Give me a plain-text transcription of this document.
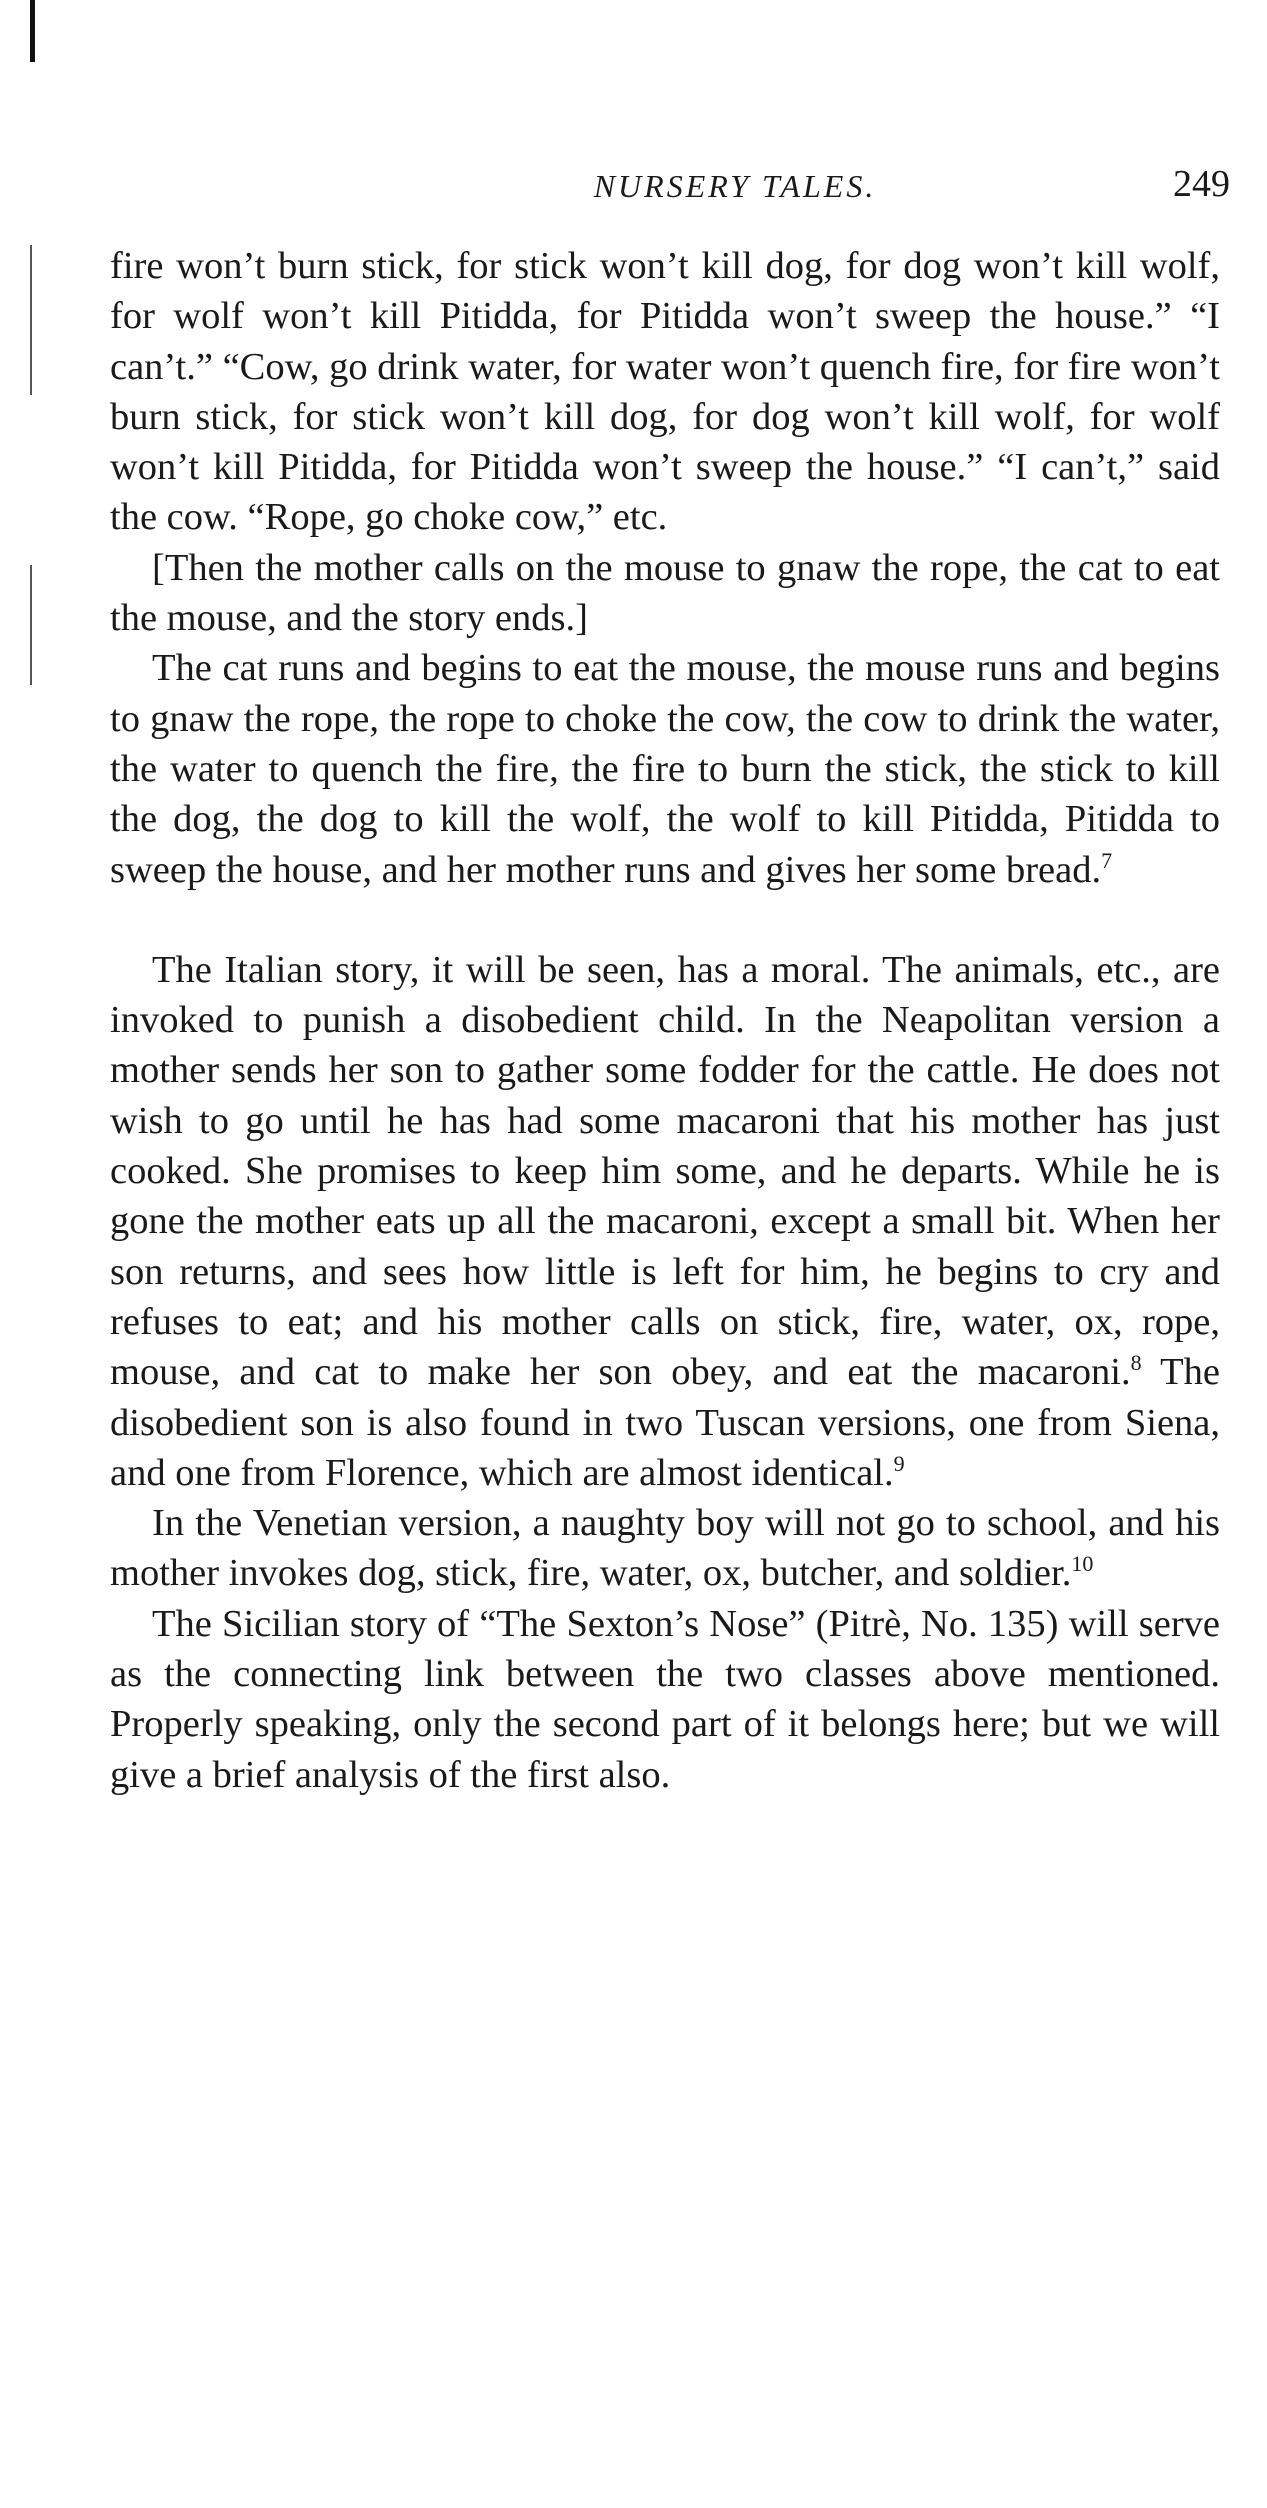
NURSERY TALES.	249

fire won’t burn stick, for stick won’t kill dog, for dog won’t kill wolf, for wolf won’t kill Pitidda, for Pitidda won’t sweep the house.” “I can’t.” “Cow, go drink water, for water won’t quench fire, for fire won’t burn stick, for stick won’t kill dog, for dog won’t kill wolf, for wolf won’t kill Pitidda, for Pitidda won’t sweep the house.” “I can’t,” said the cow. “Rope, go choke cow,” etc.

[Then the mother calls on the mouse to gnaw the rope, the cat to eat the mouse, and the story ends.]

The cat runs and begins to eat the mouse, the mouse runs and begins to gnaw the rope, the rope to choke the cow, the cow to drink the water, the water to quench the fire, the fire to burn the stick, the stick to kill the dog, the dog to kill the wolf, the wolf to kill Pitidda, Pitidda to sweep the house, and her mother runs and gives her some bread.$^7$

The Italian story, it will be seen, has a moral. The animals, etc., are invoked to punish a disobedient child. In the Neapolitan version a mother sends her son to gather some fodder for the cattle. He does not wish to go until he has had some macaroni that his mother has just cooked. She promises to keep him some, and he departs. While he is gone the mother eats up all the macaroni, except a small bit. When her son returns, and sees how little is left for him, he begins to cry and refuses to eat; and his mother calls on stick, fire, water, ox, rope, mouse, and cat to make her son obey, and eat the macaroni.$^8$ The disobedient son is also found in two Tuscan versions, one from Siena, and one from Florence, which are almost identical.$^9$

In the Venetian version, a naughty boy will not go to school, and his mother invokes dog, stick, fire, water, ox, butcher, and soldier.$^{10}$

The Sicilian story of “The Sexton’s Nose” (Pitrè, No. 135) will serve as the connecting link between the two classes above mentioned. Properly speaking, only the second part of it belongs here; but we will give a brief analysis of the first also.
